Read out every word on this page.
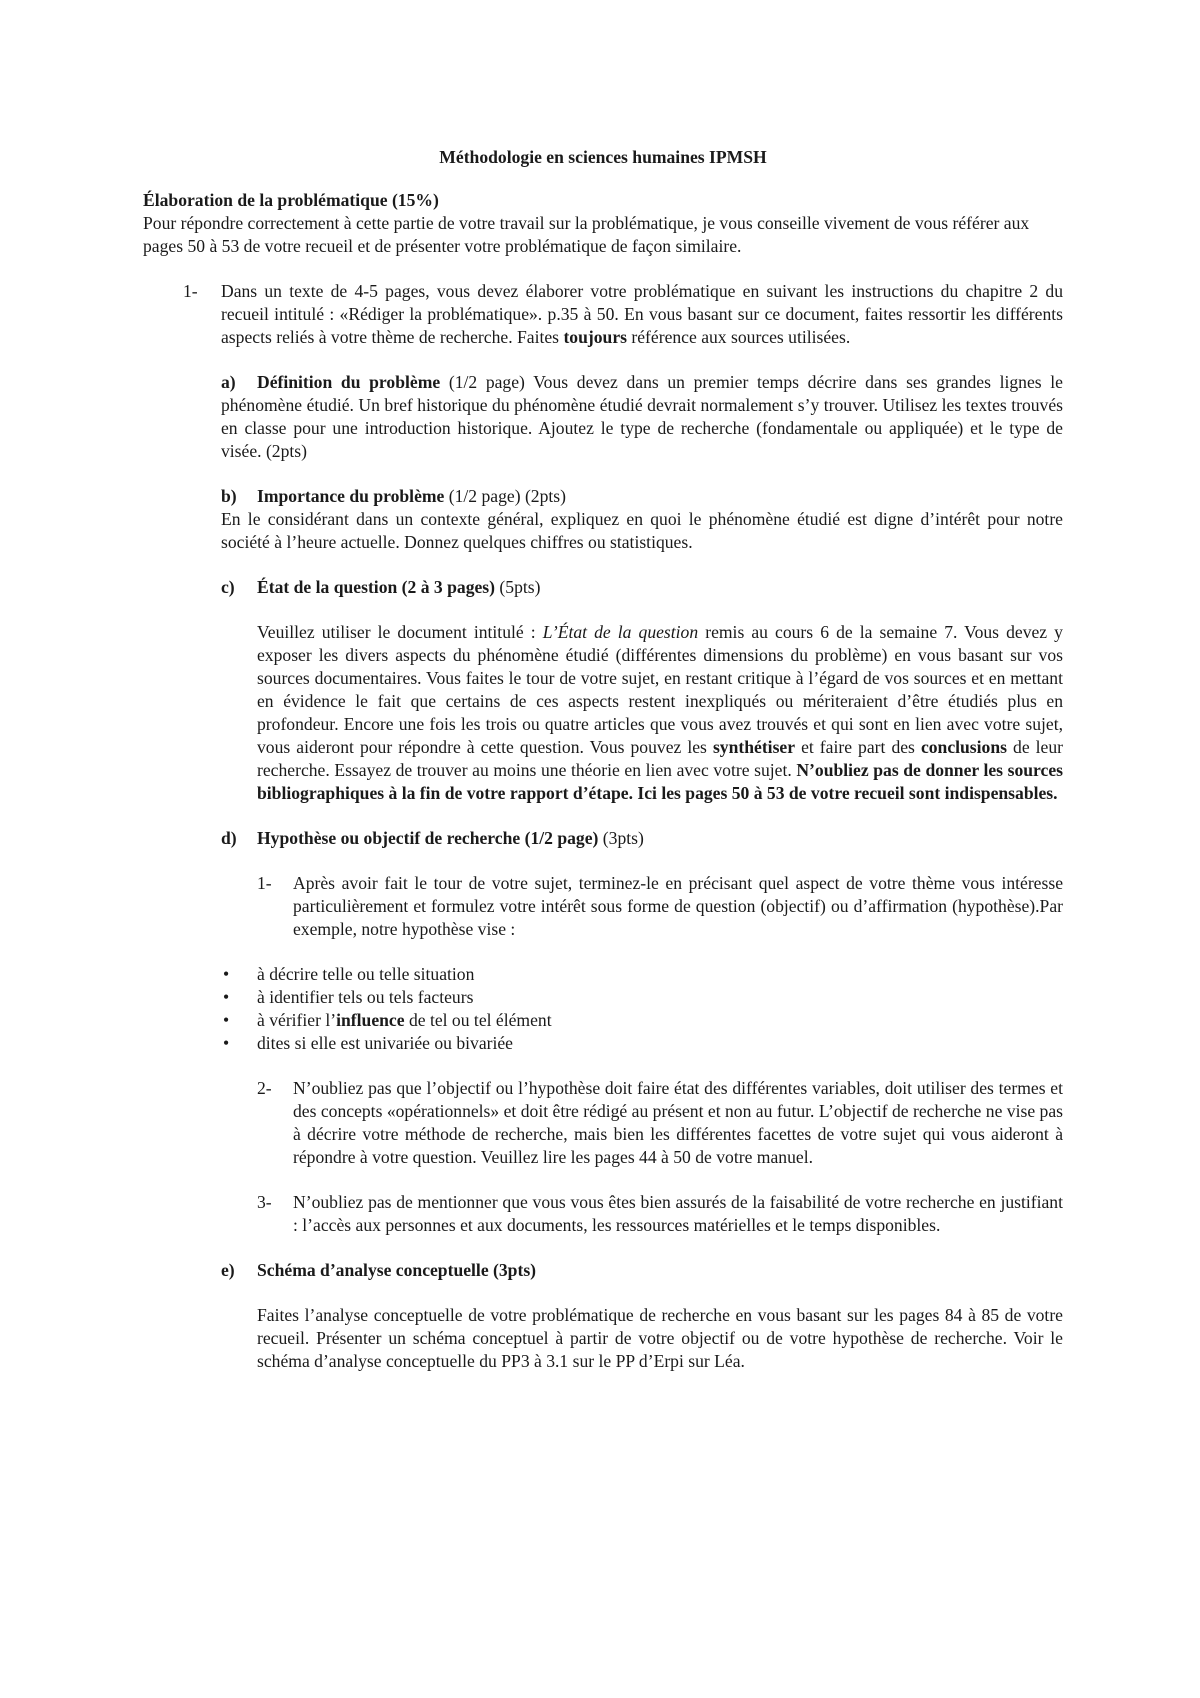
Méthodologie en sciences humaines IPMSH

Élaboration de la problématique (15%)

Pour répondre correctement à cette partie de votre travail sur la problématique, je vous conseille vivement de vous référer aux pages 50 à 53 de votre recueil et de présenter votre problématique de façon similaire.

1-	Dans un texte de 4-5 pages, vous devez élaborer votre problématique en suivant les instructions du chapitre 2 du recueil intitulé : «Rédiger la problématique». p.35 à 50. En vous basant sur ce document, faites ressortir les différents aspects reliés à votre thème de recherche. Faites toujours référence aux sources utilisées.

a) Définition du problème (1/2 page) Vous devez dans un premier temps décrire dans ses grandes lignes le phénomène étudié. Un bref historique du phénomène étudié devrait normalement s’y trouver. Utilisez les textes trouvés en classe pour une introduction historique. Ajoutez le type de recherche (fondamentale ou appliquée) et le type de visée. (2pts)

b) Importance du problème (1/2 page) (2pts)

En le considérant dans un contexte général, expliquez en quoi le phénomène étudié est digne d’intérêt pour notre société à l’heure actuelle. Donnez quelques chiffres ou statistiques.

c) État de la question (2 à 3 pages) (5pts)

Veuillez utiliser le document intitulé : L’État de la question remis au cours 6 de la semaine 7. Vous devez y exposer les divers aspects du phénomène étudié (différentes dimensions du problème) en vous basant sur vos sources documentaires. Vous faites le tour de votre sujet, en restant critique à l’égard de vos sources et en mettant en évidence le fait que certains de ces aspects restent inexpliqués ou mériteraient d’être étudiés plus en profondeur. Encore une fois les trois ou quatre articles que vous avez trouvés et qui sont en lien avec votre sujet, vous aideront pour répondre à cette question. Vous pouvez les synthétiser et faire part des conclusions de leur recherche. Essayez de trouver au moins une théorie en lien avec votre sujet. N’oubliez pas de donner les sources bibliographiques à la fin de votre rapport d’étape. Ici les pages 50 à 53 de votre recueil sont indispensables.

d) Hypothèse ou objectif de recherche (1/2 page) (3pts)

1-	Après avoir fait le tour de votre sujet, terminez-le en précisant quel aspect de votre thème vous intéresse particulièrement et formulez votre intérêt sous forme de question (objectif) ou d’affirmation (hypothèse).Par exemple, notre hypothèse vise :
•	à décrire telle ou telle situation
•	à identifier tels ou tels facteurs
•	à vérifier l’influence de tel ou tel élément
•	dites si elle est univariée ou bivariée
2-	N’oubliez pas que l’objectif ou l’hypothèse doit faire état des différentes variables, doit utiliser des termes et des concepts «opérationnels» et doit être rédigé au présent et non au futur. L’objectif de recherche ne vise pas à décrire votre méthode de recherche, mais bien les différentes facettes de votre sujet qui vous aideront à répondre à votre question. Veuillez lire les pages 44 à 50 de votre manuel.
3-	N’oubliez pas de mentionner que vous vous êtes bien assurés de la faisabilité de votre recherche en justifiant : l’accès aux personnes et aux documents, les ressources matérielles et le temps disponibles.

e) Schéma d’analyse conceptuelle (3pts)

Faites l’analyse conceptuelle de votre problématique de recherche en vous basant sur les pages 84 à 85 de votre recueil. Présenter un schéma conceptuel à partir de votre objectif ou de votre hypothèse de recherche. Voir le schéma d’analyse conceptuelle du PP3 à 3.1 sur le PP d’Erpi sur Léa.
